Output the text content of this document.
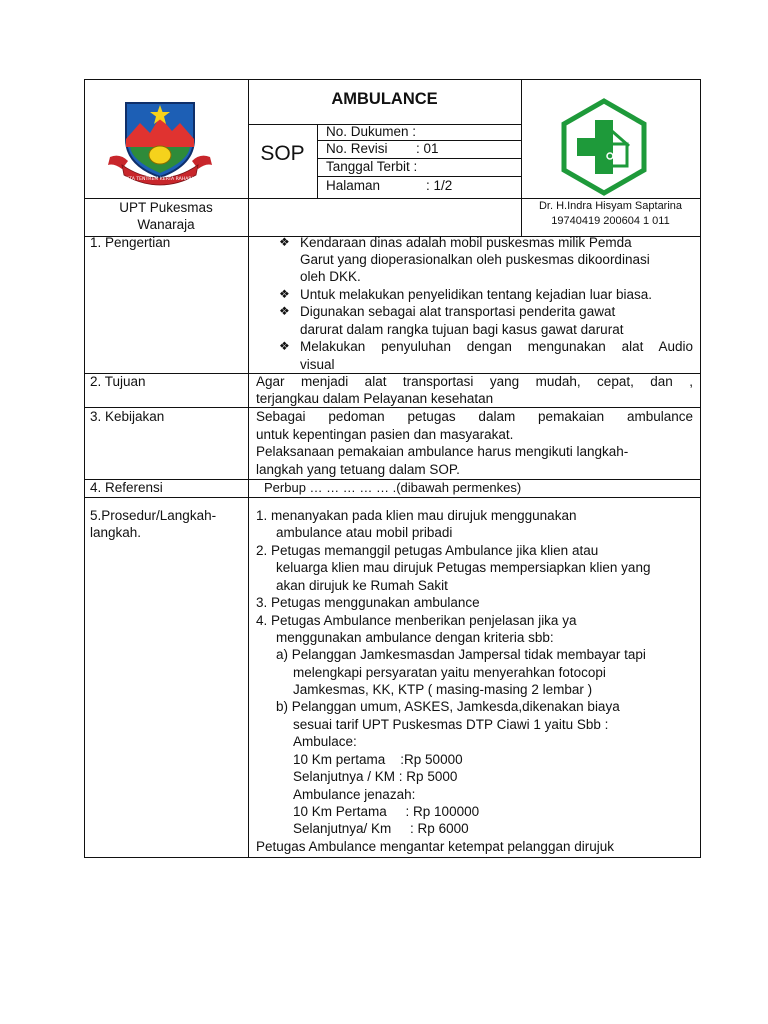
TATA TENTREM KERTA RAHARJA
AMBULANCE
SOP
No. Dukumen :
No. Revisi : 01
Tanggal Terbit :
Halaman	: 1/2
UPT Pukesmas
Wanaraja
Dr. H.Indra Hisyam Saptarina
19740419 200604 1 011
1. Pengertian	❖
❖
❖
❖
Kendaraan dinas adalah mobil puskesmas milik Pemda
Garut yang dioperasionalkan oleh puskesmas dikoordinasi
oleh DKK.
Untuk melakukan penyelidikan tentang kejadian luar biasa.
Digunakan sebagai alat transportasi penderita gawat
darurat dalam rangka tujuan bagi kasus gawat darurat
Melakukan penyuluhan dengan mengunakan alat Audio
visual
2. Tujuan	Agar menjadi alat transportasi yang mudah, cepat, dan ,
terjangkau dalam Pelayanan kesehatan
3. Kebijakan	Sebagai pedoman petugas dalam pemakaian ambulance
untuk kepentingan pasien dan masyarakat.
Pelaksanaan pemakaian ambulance harus mengikuti langkah-
langkah yang tetuang dalam SOP.
4. Referensi	Perbup … … … … … .(dibawah permenkes)
5.Prosedur/Langkah-
langkah.
1. menanyakan pada klien mau dirujuk menggunakan
ambulance atau mobil pribadi
2. Petugas memanggil petugas Ambulance jika klien atau
keluarga klien mau dirujuk Petugas mempersiapkan klien yang
akan dirujuk ke Rumah Sakit
3. Petugas menggunakan ambulance
4. Petugas Ambulance menberikan penjelasan jika ya
menggunakan ambulance dengan kriteria sbb:
a) Pelanggan Jamkesmasdan Jampersal tidak membayar tapi
melengkapi persyaratan yaitu menyerahkan fotocopi
Jamkesmas, KK, KTP ( masing-masing 2 lembar )
b) Pelanggan umum, ASKES, Jamkesda,dikenakan biaya
sesuai tarif UPT Puskesmas DTP Ciawi 1 yaitu Sbb :
Ambulace:
10 Km pertama    :Rp 50000
Selanjutnya / KM : Rp 5000
Ambulance jenazah:
10 Km Pertama     : Rp 100000
Selanjutnya/ Km     : Rp 6000
Petugas Ambulance mengantar ketempat pelanggan dirujuk
